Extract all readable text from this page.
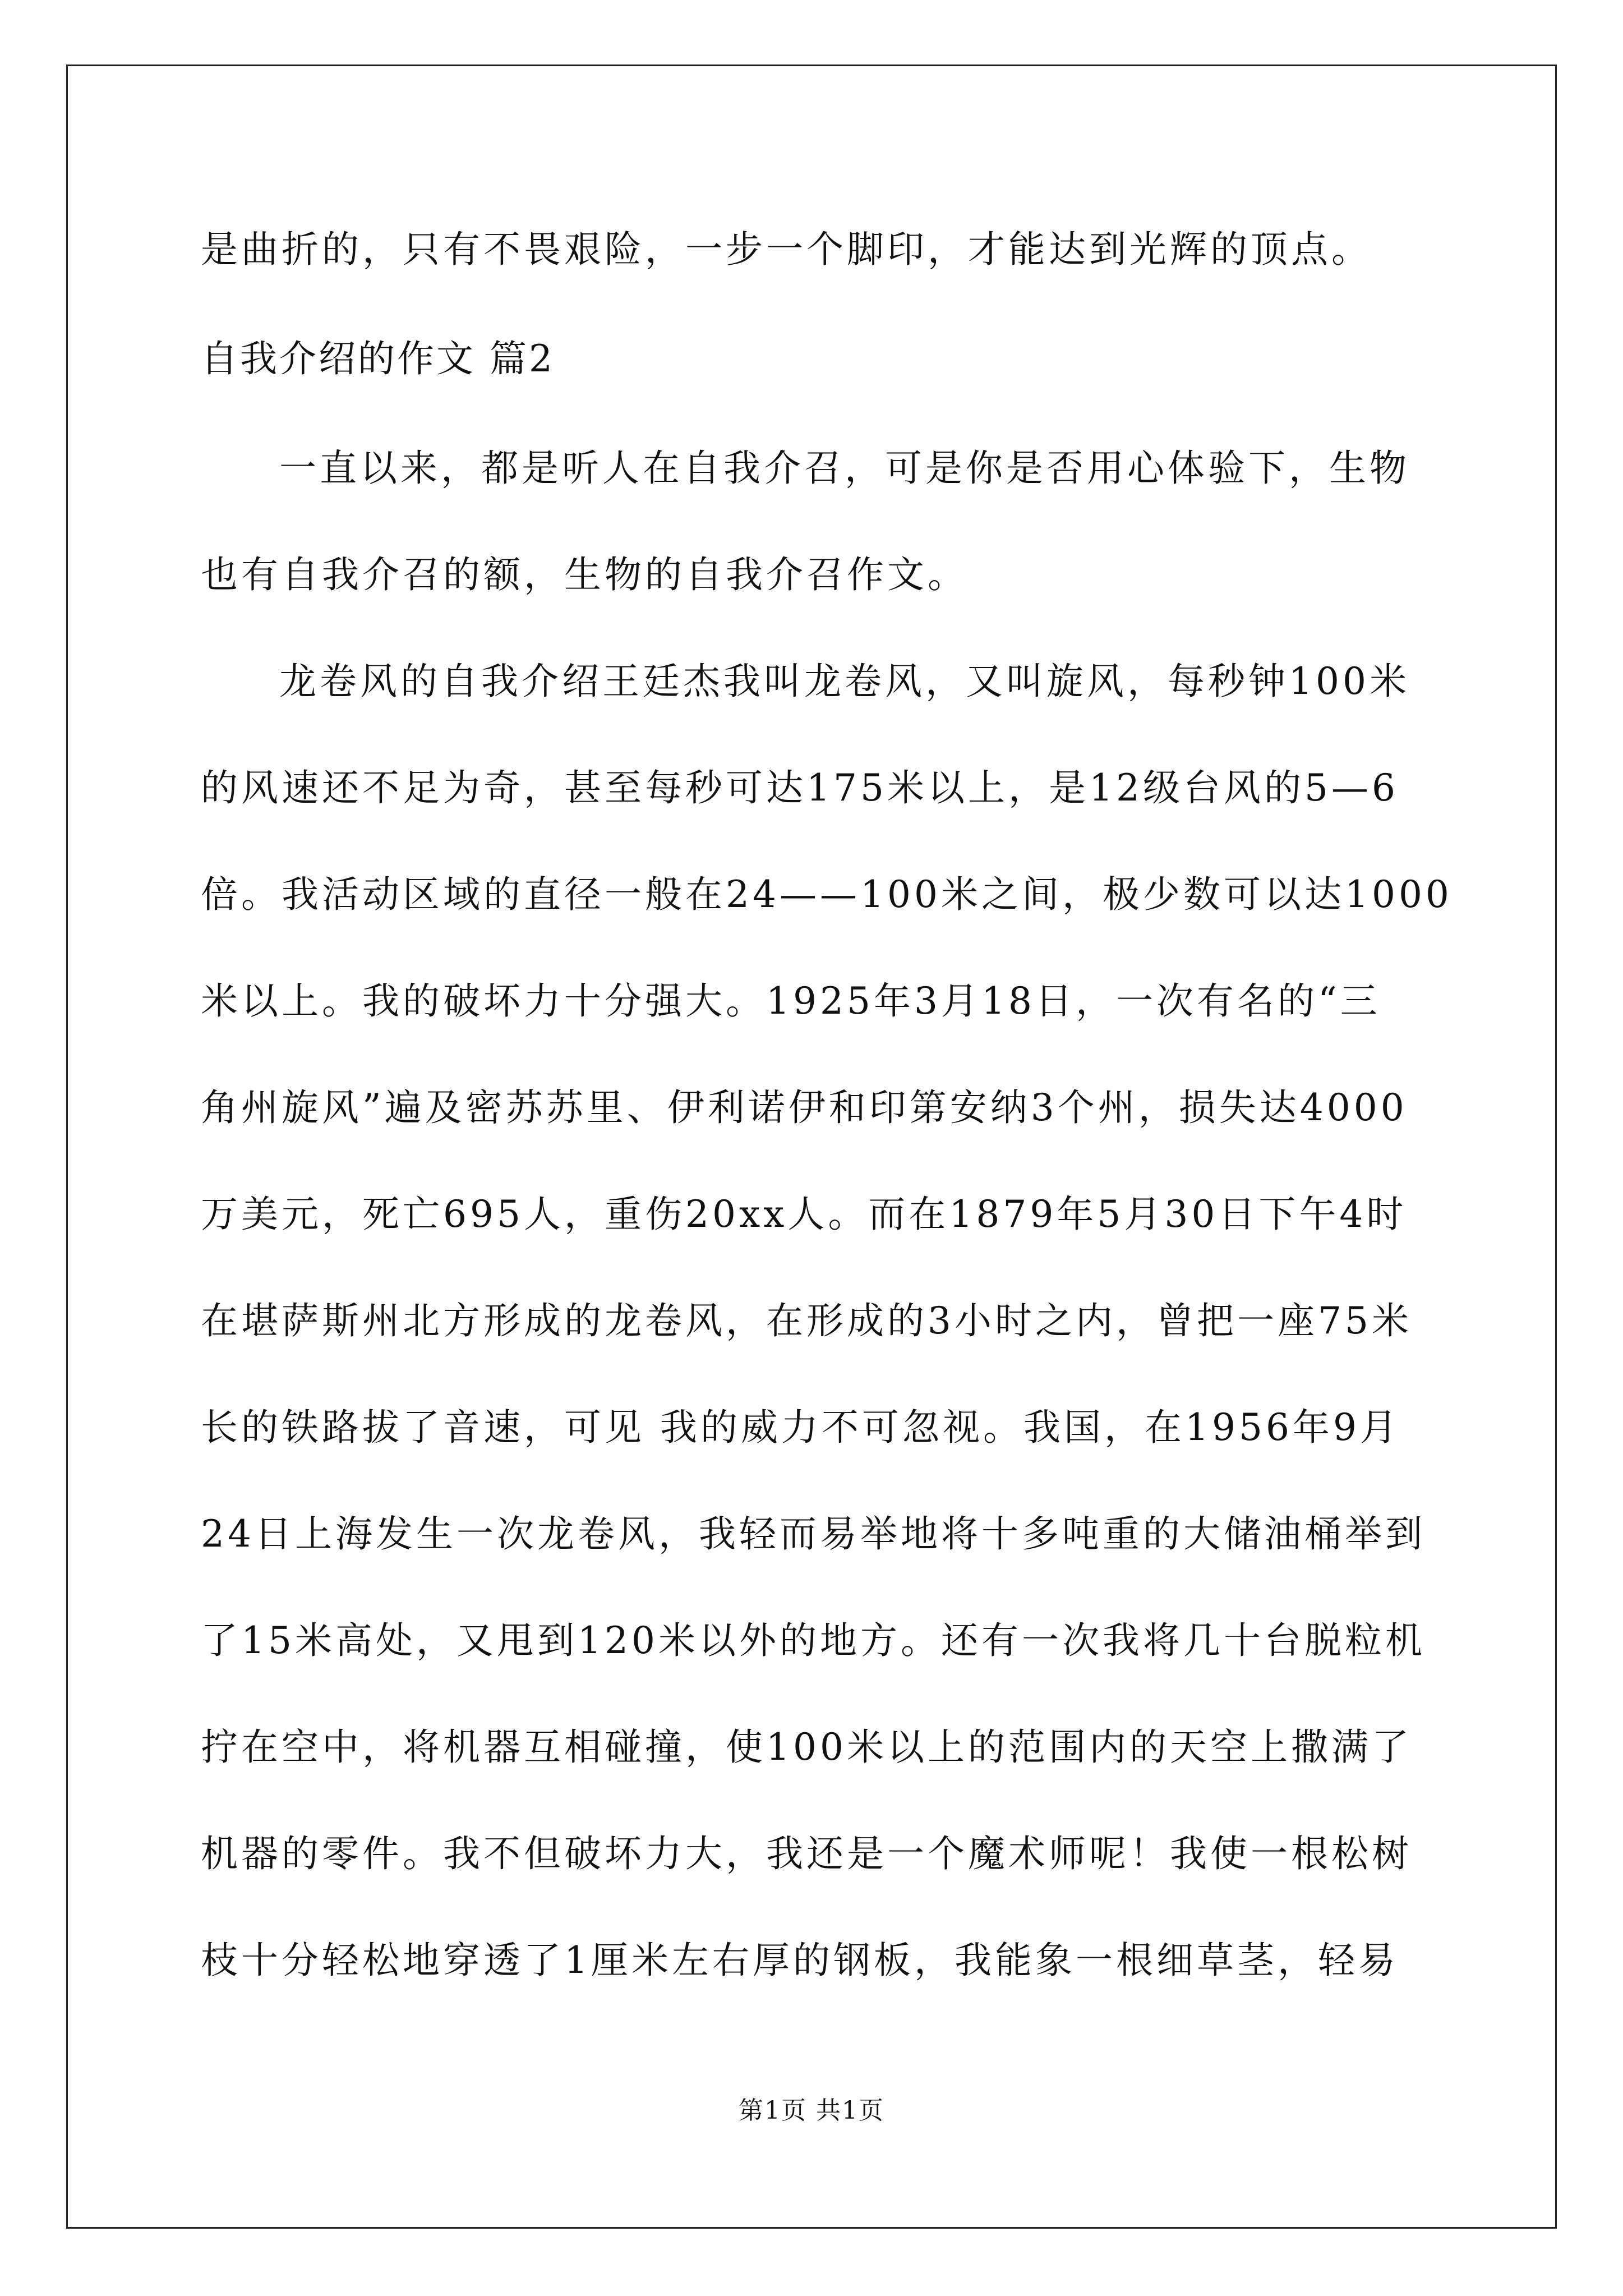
是曲折的，只有不畏艰险，一步一个脚印，才能达到光辉的顶点。
自我介绍的作文 篇2
一直以来，都是听人在自我介召，可是你是否用心体验下，生物
也有自我介召的额，生物的自我介召作文。
龙卷风的自我介绍王廷杰我叫龙卷风，又叫旋风，每秒钟100米
的风速还不足为奇，甚至每秒可达175米以上，是12级台风的5—6
倍。我活动区域的直径一般在24——100米之间，极少数可以达1000
米以上。我的破坏力十分强大。1925年3月18日，一次有名的“三
角州旋风”遍及密苏苏里、伊利诺伊和印第安纳3个州，损失达4000
万美元，死亡695人，重伤20xx人。而在1879年5月30日下午4时
在堪萨斯州北方形成的龙卷风，在形成的3小时之内，曾把一座75米
长的铁路拔了音速，可见 我的威力不可忽视。我国，在1956年9月
24日上海发生一次龙卷风，我轻而易举地将十多吨重的大储油桶举到
了15米高处，又甩到120米以外的地方。还有一次我将几十台脱粒机
拧在空中，将机器互相碰撞，使100米以上的范围内的天空上撒满了
机器的零件。我不但破坏力大，我还是一个魔术师呢！我使一根松树
枝十分轻松地穿透了1厘米左右厚的钢板，我能象一根细草茎，轻易
第1页 共1页
